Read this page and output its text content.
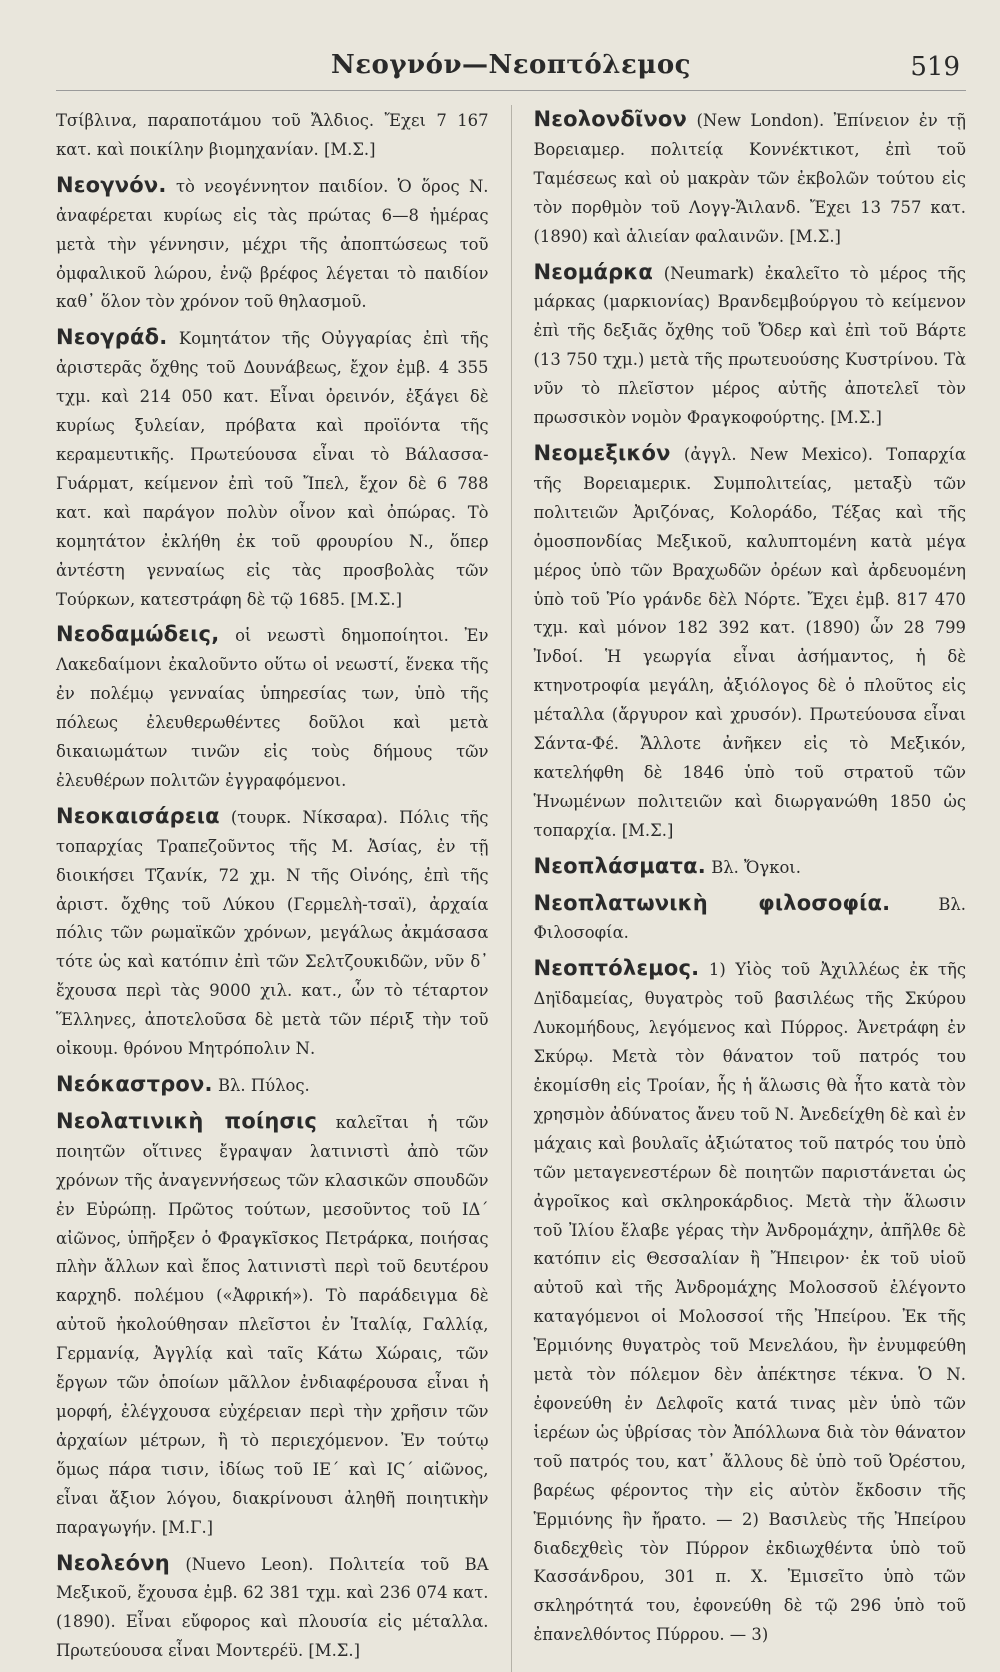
Νεογνόν—Νεοπτόλεμος	519

Τσίβλινα, παραποτάμου τοῦ Ἄλδιος. Ἔχει 7 167 κατ. καὶ ποικίλην βιομηχανίαν. [Μ.Σ.]

Νεογνόν. τὸ νεογέννητον παιδίον. Ὁ ὅρος Ν. ἀναφέρεται κυρίως εἰς τὰς πρώτας 6—8 ἡμέρας μετὰ τὴν γέννησιν, μέχρι τῆς ἀποπτώσεως τοῦ ὀμφαλικοῦ λώρου, ἐνῷ βρέφος λέγεται τὸ παιδίον καθ᾽ ὅλον τὸν χρόνον τοῦ θηλασμοῦ.

Νεογράδ. Κομητάτον τῆς Οὐγγαρίας ἐπὶ τῆς ἀριστερᾶς ὄχθης τοῦ Δουνάβεως, ἔχον ἐμβ. 4 355 τχμ. καὶ 214 050 κατ. Εἶναι ὀρεινόν, ἐξάγει δὲ κυρίως ξυλείαν, πρόβατα καὶ προϊόντα τῆς κεραμευτικῆς. Πρωτεύουσα εἶναι τὸ Βάλασσα-Γυάρματ, κείμενον ἐπὶ τοῦ Ἴπελ, ἔχον δὲ 6 788 κατ. καὶ παράγον πολὺν οἶνον καὶ ὀπώρας. Τὸ κομητάτον ἐκλήθη ἐκ τοῦ φρουρίου Ν., ὅπερ ἀντέστη γενναίως εἰς τὰς προσβολὰς τῶν Τούρκων, κατεστράφη δὲ τῷ 1685. [Μ.Σ.]

Νεοδαμώδεις, οἱ νεωστὶ δημοποίητοι. Ἐν Λακεδαίμονι ἐκαλοῦντο οὕτω οἱ νεωστί, ἕνεκα τῆς ἐν πολέμῳ γενναίας ὑπηρεσίας των, ὑπὸ τῆς πόλεως ἐλευθερωθέντες δοῦλοι καὶ μετὰ δικαιωμάτων τινῶν εἰς τοὺς δήμους τῶν ἐλευθέρων πολιτῶν ἐγγραφόμενοι.

Νεοκαισάρεια (τουρκ. Νίκσαρα). Πόλις τῆς τοπαρχίας Τραπεζοῦντος τῆς Μ. Ἀσίας, ἐν τῇ διοικήσει Τζανίκ, 72 χμ. Ν τῆς Οἰνόης, ἐπὶ τῆς ἀριστ. ὄχθης τοῦ Λύκου (Γερμελὴ-τσαϊ), ἀρχαία πόλις τῶν ρωμαϊκῶν χρόνων, μεγάλως ἀκμάσασα τότε ὡς καὶ κατόπιν ἐπὶ τῶν Σελτζουκιδῶν, νῦν δ᾽ ἔχουσα περὶ τὰς 9000 χιλ. κατ., ὧν τὸ τέταρτον Ἕλληνες, ἀποτελοῦσα δὲ μετὰ τῶν πέριξ τὴν τοῦ οἰκουμ. θρόνου Μητρόπολιν Ν.

Νεόκαστρον. Βλ. Πύλος.

Νεολατινικὴ ποίησις καλεῖται ἡ τῶν ποιητῶν οἵτινες ἔγραψαν λατινιστὶ ἀπὸ τῶν χρόνων τῆς ἀναγεννήσεως τῶν κλασικῶν σπουδῶν ἐν Εὐρώπῃ. Πρῶτος τούτων, μεσοῦντος τοῦ ΙΔ´ αἰῶνος, ὑπῆρξεν ὁ Φραγκῖσκος Πετράρκα, ποιήσας πλὴν ἄλλων καὶ ἔπος λατινιστὶ περὶ τοῦ δευτέρου καρχηδ. πολέμου («Ἀφρική»). Τὸ παράδειγμα δὲ αὐτοῦ ἠκολούθησαν πλεῖστοι ἐν Ἰταλίᾳ, Γαλλίᾳ, Γερμανίᾳ, Ἀγγλίᾳ καὶ ταῖς Κάτω Χώραις, τῶν ἔργων τῶν ὁποίων μᾶλλον ἐνδιαφέρουσα εἶναι ἡ μορφή, ἐλέγχουσα εὐχέρειαν περὶ τὴν χρῆσιν τῶν ἀρχαίων μέτρων, ἢ τὸ περιεχόμενον. Ἐν τούτῳ ὅμως πάρα τισιν, ἰδίως τοῦ ΙΕ´ καὶ ΙϚ´ αἰῶνος, εἶναι ἄξιον λόγου, διακρίνουσι ἀληθῆ ποιητικὴν παραγωγήν. [Μ.Γ.]

Νεολεόνη (Nuevo Leon). Πολιτεία τοῦ ΒΑ Μεξικοῦ, ἔχουσα ἐμβ. 62 381 τχμ. καὶ 236 074 κατ. (1890). Εἶναι εὔφορος καὶ πλουσία εἰς μέταλλα. Πρωτεύουσα εἶναι Μοντερέϋ. [Μ.Σ.]

Νεολονδῖνον (New London). Ἐπίνειον ἐν τῇ Βορειαμερ. πολιτείᾳ Κοννέκτικοτ, ἐπὶ τοῦ Ταμέσεως καὶ οὐ μακρὰν τῶν ἐκβολῶν τούτου εἰς τὸν πορθμὸν τοῦ Λογγ-Ἄιλανδ. Ἔχει 13 757 κατ. (1890) καὶ ἁλιείαν φαλαινῶν. [Μ.Σ.]

Νεομάρκα (Neumark) ἐκαλεῖτο τὸ μέρος τῆς μάρκας (μαρκιονίας) Βρανδεμβούργου τὸ κείμενον ἐπὶ τῆς δεξιᾶς ὄχθης τοῦ Ὄδερ καὶ ἐπὶ τοῦ Βάρτε (13 750 τχμ.) μετὰ τῆς πρωτευούσης Κυστρίνου. Τὰ νῦν τὸ πλεῖστον μέρος αὐτῆς ἀποτελεῖ τὸν πρωσσικὸν νομὸν Φραγκοφούρτης. [Μ.Σ.]

Νεομεξικόν (ἀγγλ. New Mexico). Τοπαρχία τῆς Βορειαμερικ. Συμπολιτείας, μεταξὺ τῶν πολιτειῶν Ἀριζόνας, Κολοράδο, Τέξας καὶ τῆς ὁμοσπονδίας Μεξικοῦ, καλυπτομένη κατὰ μέγα μέρος ὑπὸ τῶν Βραχωδῶν ὀρέων καὶ ἀρδευομένη ὑπὸ τοῦ Ῥίο γράνδε δὲλ Νόρτε. Ἔχει ἐμβ. 817 470 τχμ. καὶ μόνον 182 392 κατ. (1890) ὧν 28 799 Ἰνδοί. Ἡ γεωργία εἶναι ἀσήμαντος, ἡ δὲ κτηνοτροφία μεγάλη, ἀξιόλογος δὲ ὁ πλοῦτος εἰς μέταλλα (ἄργυρον καὶ χρυσόν). Πρωτεύουσα εἶναι Σάντα-Φέ. Ἄλλοτε ἀνῆκεν εἰς τὸ Μεξικόν, κατελήφθη δὲ 1846 ὑπὸ τοῦ στρατοῦ τῶν Ἡνωμένων πολιτειῶν καὶ διωργανώθη 1850 ὡς τοπαρχία. [Μ.Σ.]

Νεοπλάσματα. Βλ. Ὄγκοι.

Νεοπλατωνικὴ φιλοσοφία.	Βλ. Φιλοσοφία.

Νεοπτόλεμος. 1) Υἱὸς τοῦ Ἀχιλλέως ἐκ τῆς Δηϊδαμείας, θυγατρὸς τοῦ βασιλέως τῆς Σκύρου Λυκομήδους, λεγόμενος καὶ Πύρρος. Ἀνετράφη ἐν Σκύρῳ. Μετὰ τὸν θάνατον τοῦ πατρός του ἐκομίσθη εἰς Τροίαν, ἧς ἡ ἅλωσις θὰ ἦτο κατὰ τὸν χρησμὸν ἀδύνατος ἄνευ τοῦ Ν. Ἀνεδείχθη δὲ καὶ ἐν μάχαις καὶ βουλαῖς ἀξιώτατος τοῦ πατρός του ὑπὸ τῶν μεταγενεστέρων δὲ ποιητῶν παριστάνεται ὡς ἀγροῖκος καὶ σκληροκάρδιος. Μετὰ τὴν ἅλωσιν τοῦ Ἰλίου ἔλαβε γέρας τὴν Ἀνδρομάχην, ἀπῆλθε δὲ κατόπιν εἰς Θεσσαλίαν ἢ Ἤπειρον· ἐκ τοῦ υἱοῦ αὐτοῦ καὶ τῆς Ἀνδρομάχης Μολοσσοῦ ἐλέγοντο καταγόμενοι οἱ Μολοσσοί τῆς Ἠπείρου. Ἐκ τῆς Ἑρμιόνης θυγατρὸς τοῦ Μενελάου, ἣν ἐνυμφεύθη μετὰ τὸν πόλεμον δὲν ἀπέκτησε τέκνα. Ὁ Ν. ἐφονεύθη ἐν Δελφοῖς κατά τινας μὲν ὑπὸ τῶν ἱερέων ὡς ὑβρίσας τὸν Ἀπόλλωνα διὰ τὸν θάνατον τοῦ πατρός του, κατ᾽ ἄλλους δὲ ὑπὸ τοῦ Ὀρέστου, βαρέως φέροντος τὴν εἰς αὐτὸν ἔκδοσιν τῆς Ἑρμιόνης ἣν ἤρατο. — 2) Βασιλεὺς τῆς Ἠπείρου διαδεχθεὶς τὸν Πύρρον ἐκδιωχθέντα ὑπὸ τοῦ Κασσάνδρου, 301 π. Χ. Ἐμισεῖτο ὑπὸ τῶν σκληρότητά του, ἐφονεύθη δὲ τῷ 296 ὑπὸ τοῦ ἐπανελθόντος Πύρρου. — 3)
